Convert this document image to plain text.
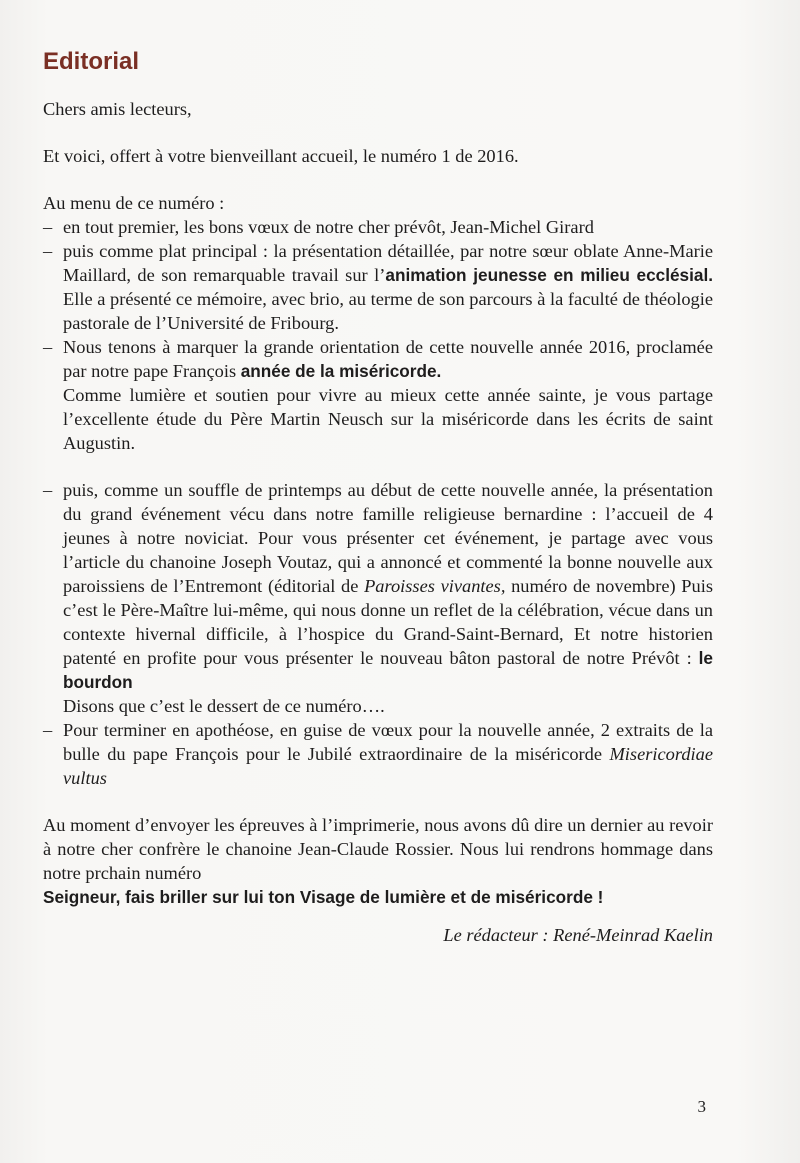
Editorial

Chers amis lecteurs,

Et voici, offert à votre bienveillant accueil, le numéro 1 de 2016.

Au menu de ce numéro :

– en tout premier, les bons vœux de notre cher prévôt, Jean-Michel Girard

– puis comme plat principal : la présentation détaillée, par notre sœur oblate Anne-Marie Maillard, de son remarquable travail sur l’animation jeunesse en milieu ecclésial. Elle a présenté ce mémoire, avec brio, au terme de son parcours à la faculté de théologie pastorale de l’Université de Fribourg.

– Nous tenons à marquer la grande orientation de cette nouvelle année 2016, proclamée par notre pape François année de la miséricorde.

Comme lumière et soutien pour vivre au mieux cette année sainte, je vous partage l’excellente étude du Père Martin Neusch sur la miséricorde dans les écrits de saint Augustin.

– puis, comme un souffle de printemps au début de cette nouvelle année, la présentation du grand événement vécu dans notre famille religieuse bernardine : l’accueil de 4 jeunes à notre noviciat. Pour vous présenter cet événement, je partage avec vous l’article du chanoine Joseph Voutaz, qui a annoncé et commenté la bonne nouvelle aux paroissiens de l’Entremont (éditorial de Paroisses vivantes, numéro de novembre) Puis c’est le Père-Maître lui-même, qui nous donne un reflet de la célébration, vécue dans un contexte hivernal difficile, à l’hospice du Grand-Saint-Bernard, Et notre historien patenté en profite pour vous présenter le nouveau bâton pastoral de notre Prévôt : le bourdon

Disons que c’est le dessert de ce numéro….

– Pour terminer en apothéose, en guise de vœux pour la nouvelle année, 2 extraits de la bulle du pape François pour le Jubilé extraordinaire de la miséricorde Misericordiae vultus

Au moment d’envoyer les épreuves à l’imprimerie, nous avons dû dire un dernier au revoir à notre cher confrère le chanoine Jean-Claude Rossier. Nous lui rendrons hommage dans notre prchain numéro

Seigneur, fais briller sur lui ton Visage de lumière et de miséricorde !

Le rédacteur : René-Meinrad Kaelin

3
